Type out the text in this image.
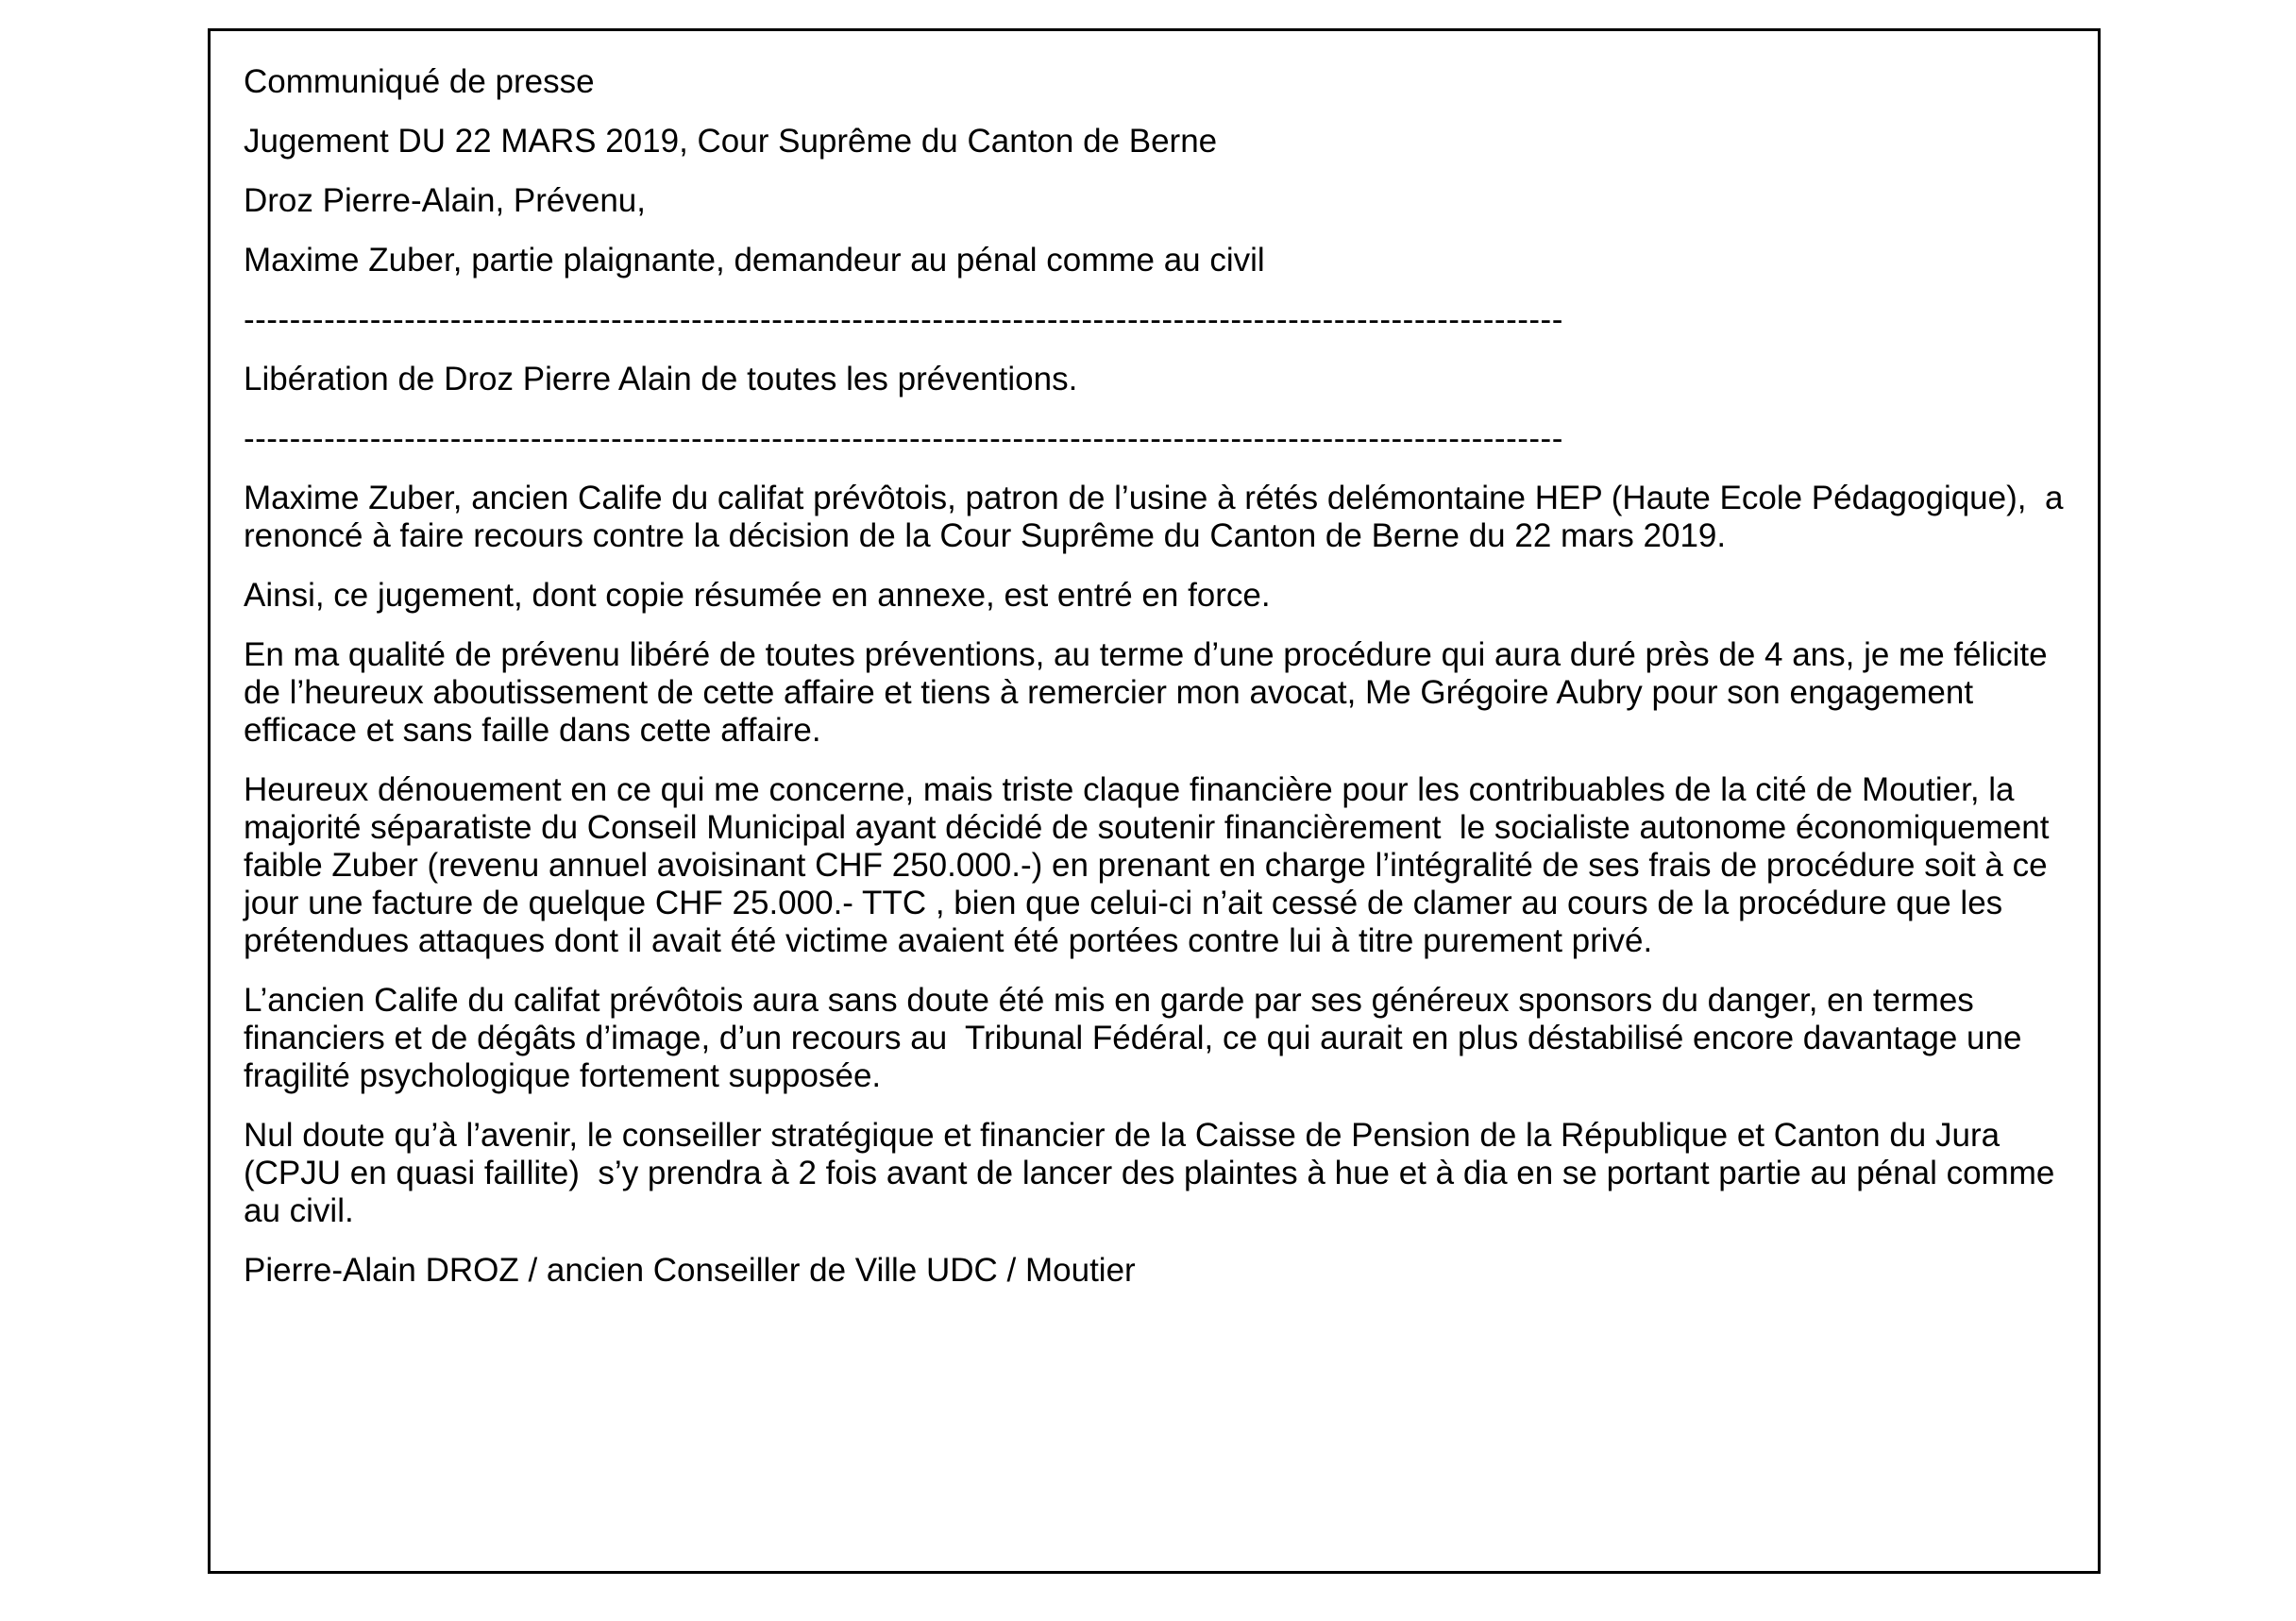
Communiqué de presse

Jugement DU 22 MARS 2019, Cour Suprême du Canton de Berne

Droz Pierre-Alain, Prévenu,

Maxime Zuber, partie plaignante, demandeur au pénal comme au civil

-------------------------------------------------------------------------------------------------------------------

Libération de Droz Pierre Alain de toutes les préventions.

-------------------------------------------------------------------------------------------------------------------

Maxime Zuber, ancien Calife du califat prévôtois, patron de l’usine à rétés delémontaine HEP (Haute Ecole Pédagogique),  a renoncé à faire recours contre la décision de la Cour Suprême du Canton de Berne du 22 mars 2019.

Ainsi, ce jugement, dont copie résumée en annexe, est entré en force.

En ma qualité de prévenu libéré de toutes préventions, au terme d’une procédure qui aura duré près de 4 ans, je me félicite de l’heureux aboutissement de cette affaire et tiens à remercier mon avocat, Me Grégoire Aubry pour son engagement efficace et sans faille dans cette affaire.

Heureux dénouement en ce qui me concerne, mais triste claque financière pour les contribuables de la cité de Moutier, la majorité séparatiste du Conseil Municipal ayant décidé de soutenir financièrement  le socialiste autonome économiquement faible Zuber (revenu annuel avoisinant CHF 250.000.-) en prenant en charge l’intégralité de ses frais de procédure soit à ce jour une facture de quelque CHF 25.000.- TTC , bien que celui-ci n’ait cessé de clamer au cours de la procédure que les prétendues attaques dont il avait été victime avaient été portées contre lui à titre purement privé.

L’ancien Calife du califat prévôtois aura sans doute été mis en garde par ses généreux sponsors du danger, en termes financiers et de dégâts d’image, d’un recours au  Tribunal Fédéral, ce qui aurait en plus déstabilisé encore davantage une fragilité psychologique fortement supposée.

Nul doute qu’à l’avenir, le conseiller stratégique et financier de la Caisse de Pension de la République et Canton du Jura (CPJU en quasi faillite)  s’y prendra à 2 fois avant de lancer des plaintes à hue et à dia en se portant partie au pénal comme au civil.

Pierre-Alain DROZ / ancien Conseiller de Ville UDC / Moutier
